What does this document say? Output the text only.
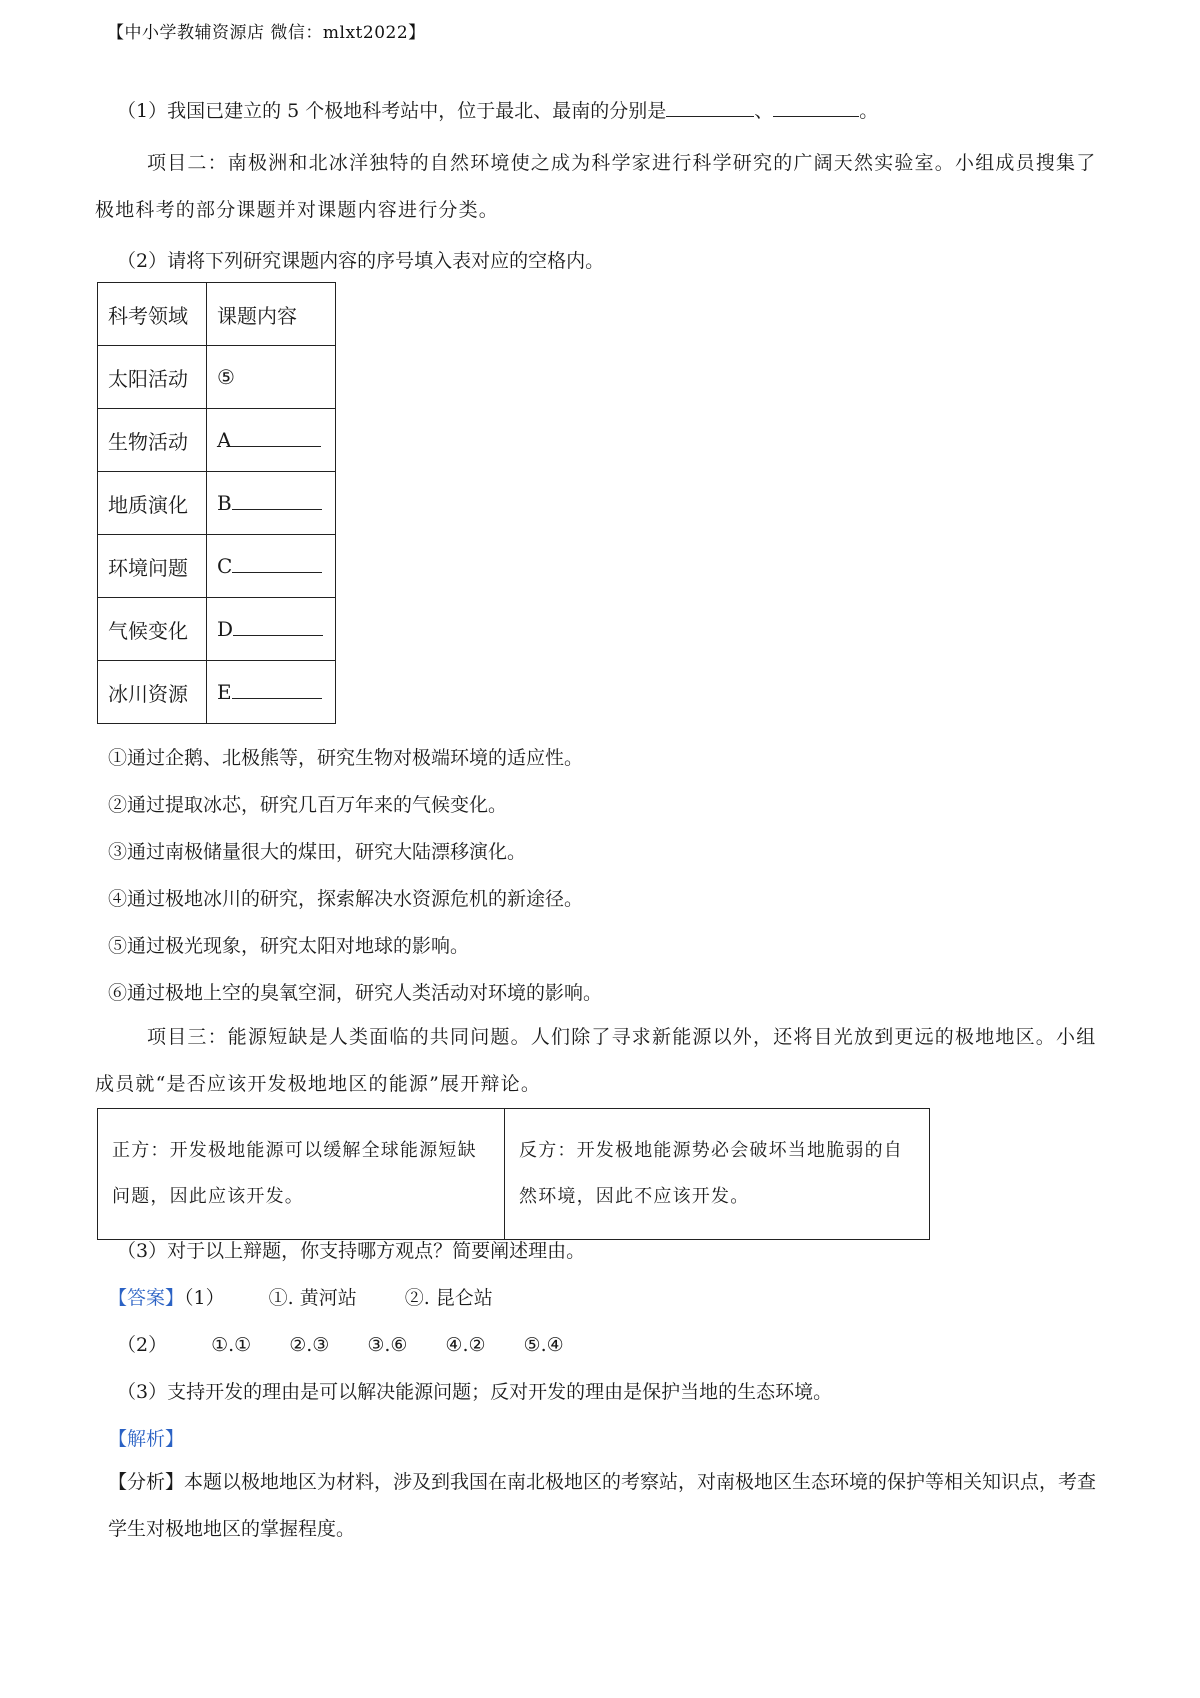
【中小学教辅资源店 微信：mlxt2022】
（1）我国已建立的 5 个极地科考站中，位于最北、最南的分别是	、	。
项目二：南极洲和北冰洋独特的自然环境使之成为科学家进行科学研究的广阔天然实验室。小组成员搜集了极地科考的部分课题并对课题内容进行分类。
（2）请将下列研究课题内容的序号填入表对应的空格内。
科考领域	课题内容
太阳活动	⑤
生物活动	A
地质演化	B
环境问题	C
气候变化	D
冰川资源	E
①通过企鹅、北极熊等，研究生物对极端环境的适应性。
②通过提取冰芯，研究几百万年来的气候变化。
③通过南极储量很大的煤田，研究大陆漂移演化。
④通过极地冰川的研究，探索解决水资源危机的新途径。
⑤通过极光现象，研究太阳对地球的影响。
⑥通过极地上空的臭氧空洞，研究人类活动对环境的影响。
项目三：能源短缺是人类面临的共同问题。人们除了寻求新能源以外，还将目光放到更远的极地地区。小组成员就“是否应该开发极地地区的能源”展开辩论。
正方：开发极地能源可以缓解全球能源短缺问题，因此应该开发。	反方：开发极地能源势必会破坏当地脆弱的自然环境，因此不应该开发。
（3）对于以上辩题，你支持哪方观点？简要阐述理由。
【答案】（1） ①. 黄河站	②. 昆仑站
（2） ①.① ②.③ ③.⑥ ④.② ⑤.④
（3）支持开发的理由是可以解决能源问题；反对开发的理由是保护当地的生态环境。
【解析】
【分析】本题以极地地区为材料，涉及到我国在南北极地区的考察站，对南极地区生态环境的保护等相关知识点，考查学生对极地地区的掌握程度。
